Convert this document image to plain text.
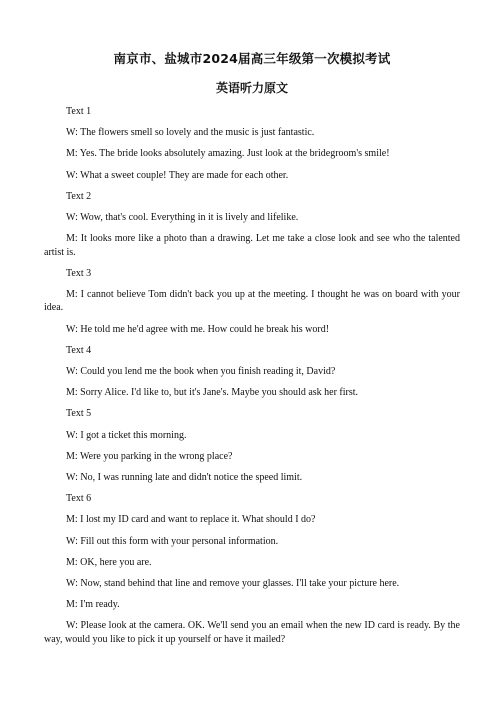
南京市、盐城市2024届高三年级第一次模拟考试
英语听力原文

Text 1

W: The flowers smell so lovely and the music is just fantastic.

M: Yes. The bride looks absolutely amazing. Just look at the bridegroom's smile!

W: What a sweet couple! They are made for each other.

Text 2

W: Wow, that's cool. Everything in it is lively and lifelike.

M: It looks more like a photo than a drawing. Let me take a close look and see who the talented artist is.

Text 3

M: I cannot believe Tom didn't back you up at the meeting. I thought he was on board with your idea.

W: He told me he'd agree with me. How could he break his word!

Text 4

W: Could you lend me the book when you finish reading it, David?

M: Sorry Alice. I'd like to, but it's Jane's. Maybe you should ask her first.

Text 5

W: I got a ticket this morning.

M: Were you parking in the wrong place?

W: No, I was running late and didn't notice the speed limit.

Text 6

M: I lost my ID card and want to replace it. What should I do?

W: Fill out this form with your personal information.

M: OK, here you are.

W: Now, stand behind that line and remove your glasses. I'll take your picture here.

M: I'm ready.

W: Please look at the camera. OK. We'll send you an email when the new ID card is ready. By the way, would you like to pick it up yourself or have it mailed?
